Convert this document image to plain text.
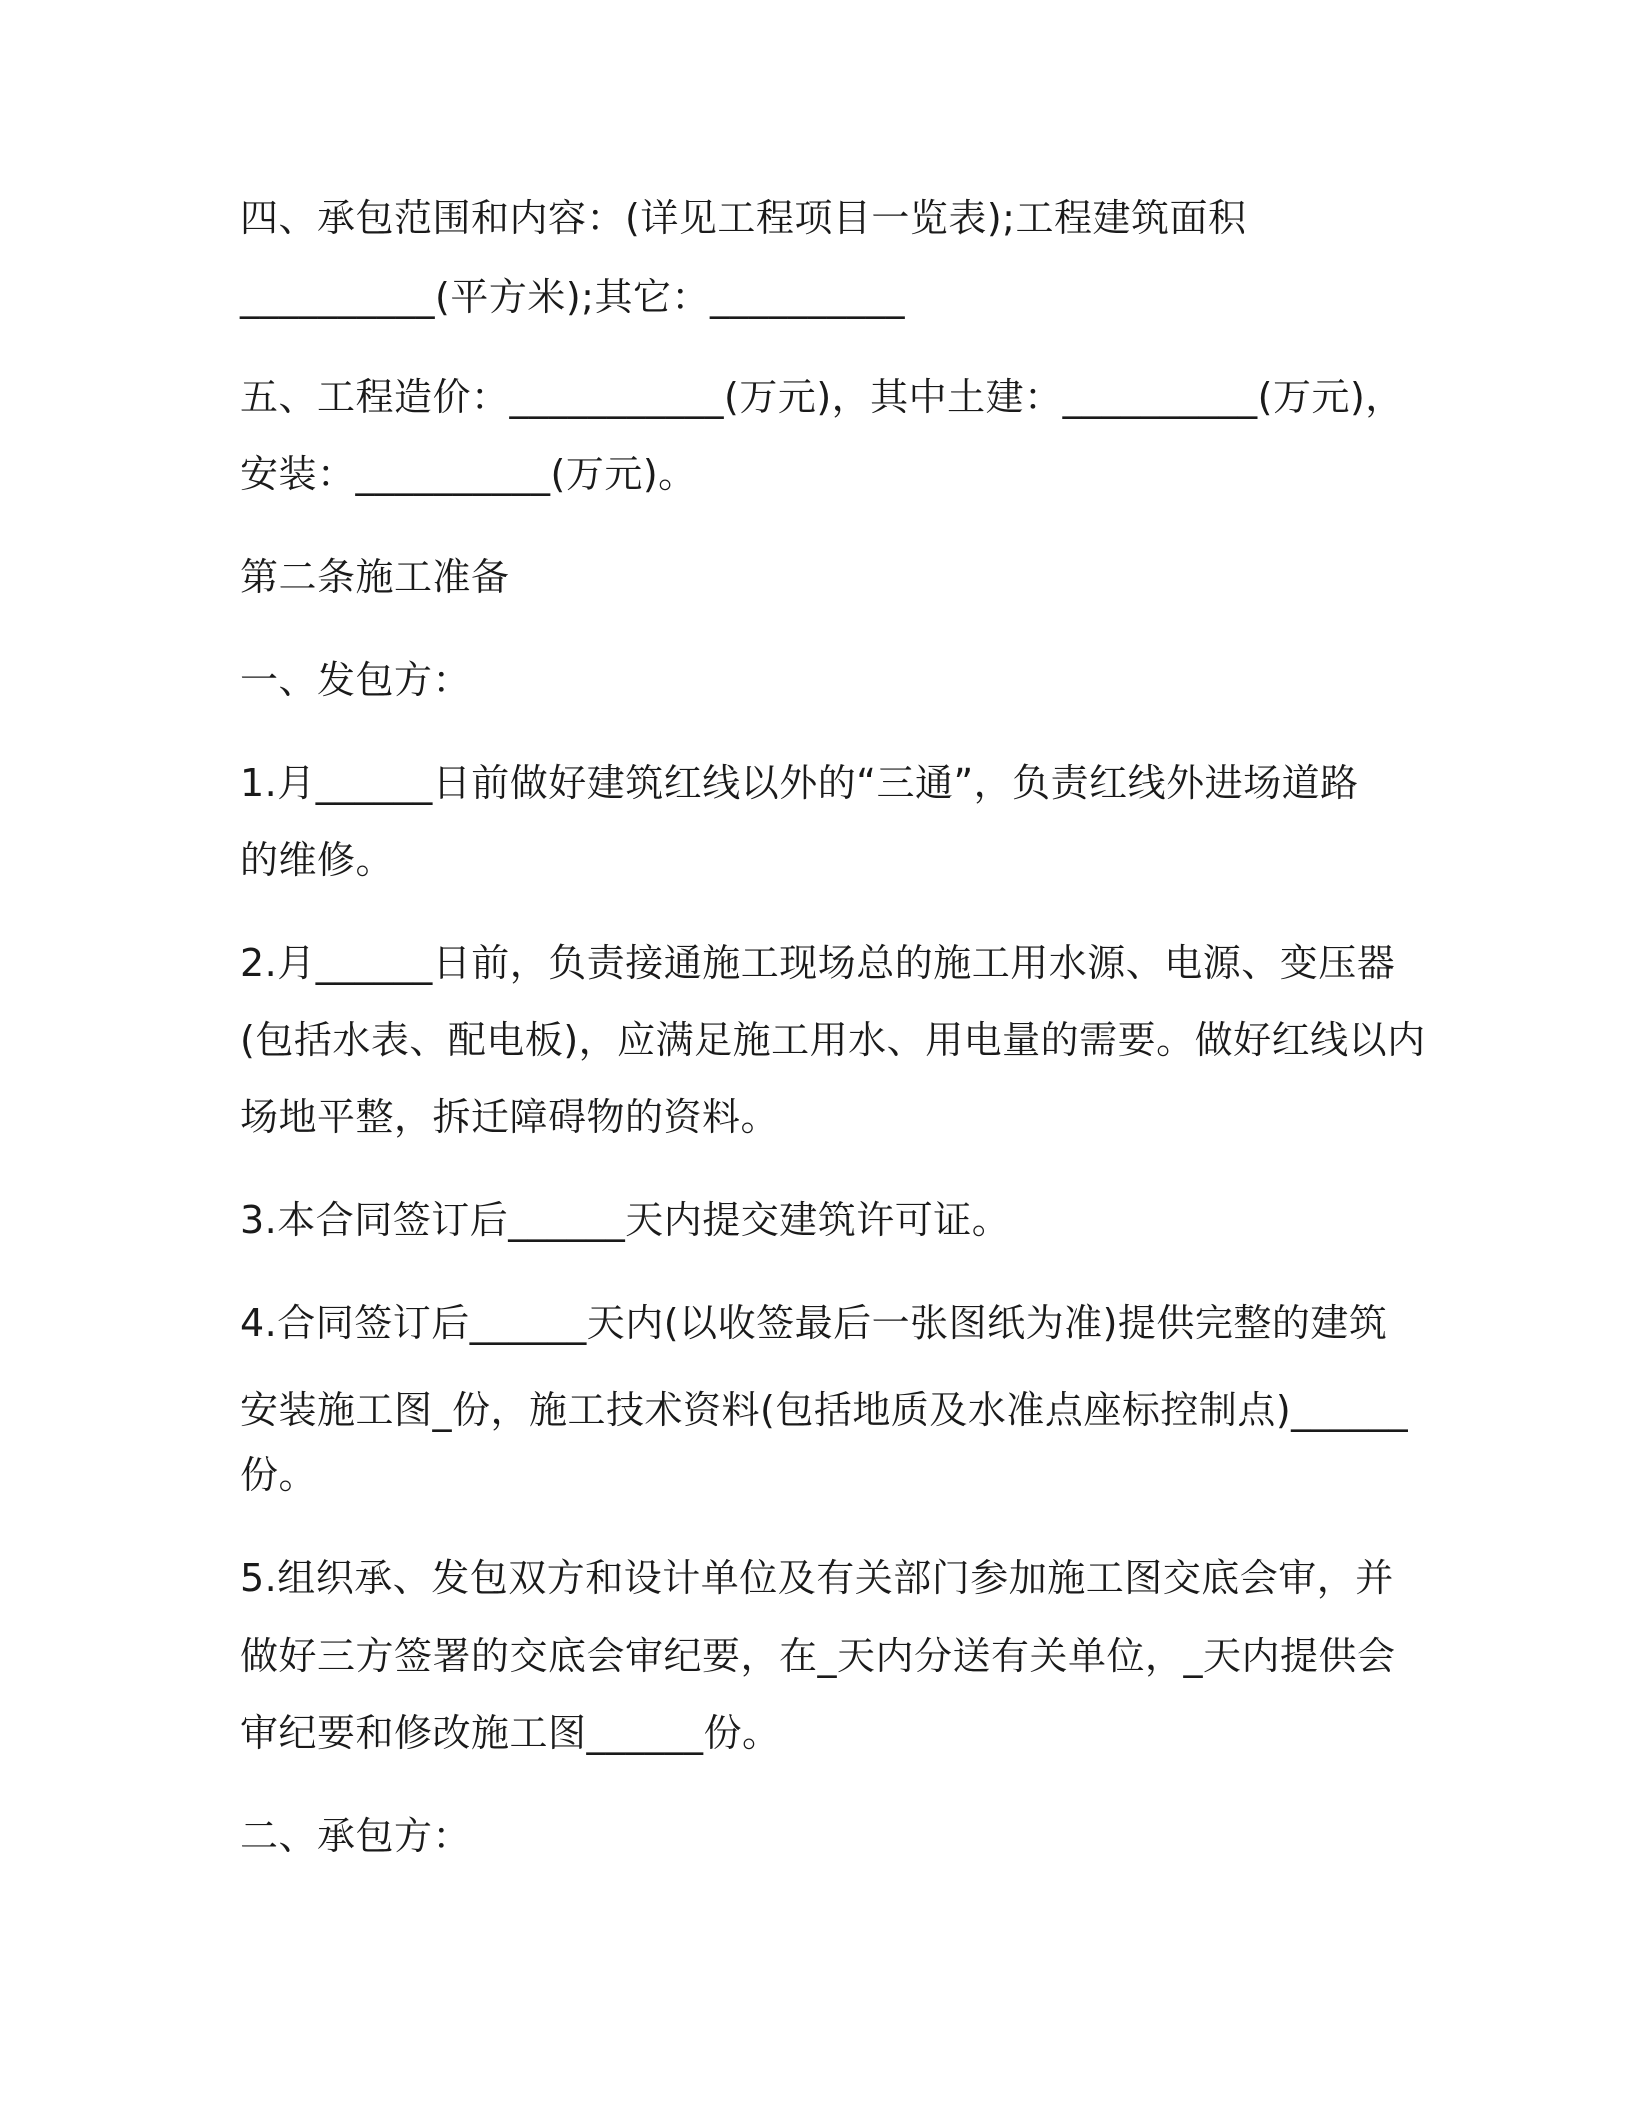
四、承包范围和内容：(详见工程项目一览表);工程建筑面积
__________(平方米);其它：__________
五、工程造价：___________(万元)，其中土建：__________(万元)，
安装：__________(万元)。
第二条施工准备
一、发包方：
1.月______日前做好建筑红线以外的“三通”，负责红线外进场道路
的维修。
2.月______日前，负责接通施工现场总的施工用水源、电源、变压器
(包括水表、配电板)，应满足施工用水、用电量的需要。做好红线以内
场地平整，拆迁障碍物的资料。
3.本合同签订后______天内提交建筑许可证。
4.合同签订后______天内(以收签最后一张图纸为准)提供完整的建筑
安装施工图_份，施工技术资料(包括地质及水准点座标控制点)______
份。
5.组织承、发包双方和设计单位及有关部门参加施工图交底会审，并
做好三方签署的交底会审纪要，在_天内分送有关单位，_天内提供会
审纪要和修改施工图______份。
二、承包方：
